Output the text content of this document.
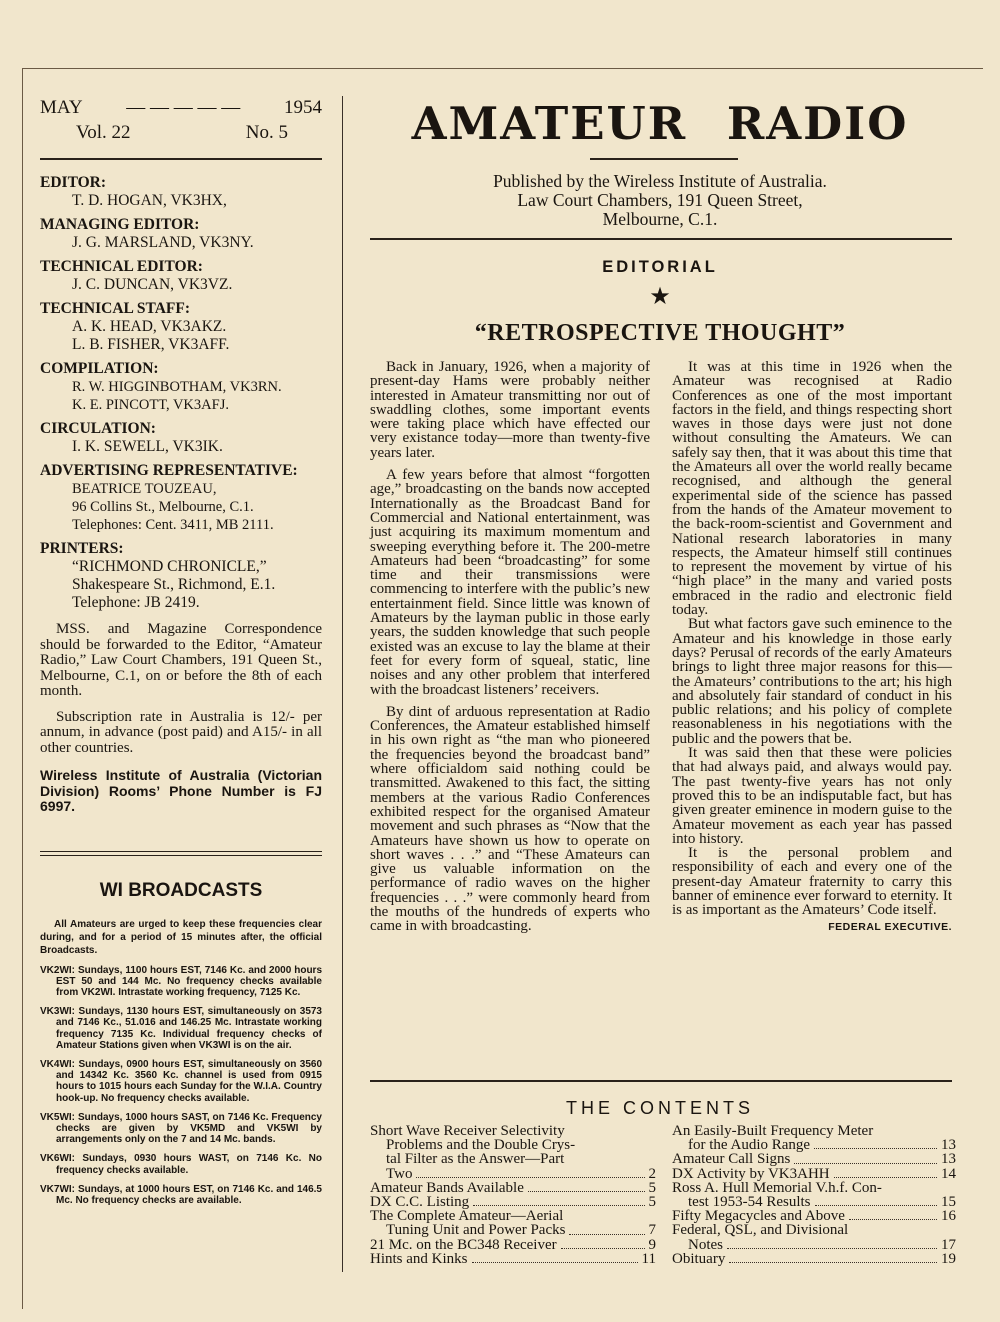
MAY — — — — — 1954
Vol. 22	No. 5
EDITOR:
T. D. HOGAN, VK3HX,
MANAGING EDITOR:
J. G. MARSLAND, VK3NY.
TECHNICAL EDITOR:
J. C. DUNCAN, VK3VZ.
TECHNICAL STAFF:
A. K. HEAD, VK3AKZ.
L. B. FISHER, VK3AFF.
COMPILATION:
R. W. HIGGINBOTHAM, VK3RN.
K. E. PINCOTT, VK3AFJ.
CIRCULATION:
I. K. SEWELL, VK3IK.
ADVERTISING REPRESENTATIVE:
BEATRICE TOUZEAU,
96 Collins St., Melbourne, C.1.
Telephones: Cent. 3411, MB 2111.
PRINTERS:
“RICHMOND CHRONICLE,”
Shakespeare St., Richmond, E.1.
Telephone: JB 2419.
MSS. and Magazine Correspondence should be forwarded to the Editor, “Amateur Radio,” Law Court Chambers, 191 Queen St., Melbourne, C.1, on or before the 8th of each month.
Subscription rate in Australia is 12/- per annum, in advance (post paid) and A15/- in all other countries.
Wireless Institute of Australia (Victorian Division) Rooms’ Phone Number is FJ 6997.
WI BROADCASTS
All Amateurs are urged to keep these frequencies clear during, and for a period of 15 minutes after, the official Broadcasts.
VK2WI: Sundays, 1100 hours EST, 7146 Kc. and 2000 hours EST 50 and 144 Mc. No frequency checks available from VK2WI. Intrastate working frequency, 7125 Kc.
VK3WI: Sundays, 1130 hours EST, simultaneously on 3573 and 7146 Kc., 51.016 and 146.25 Mc. Intrastate working frequency 7135 Kc. Individual frequency checks of Amateur Stations given when VK3WI is on the air.
VK4WI: Sundays, 0900 hours EST, simultaneously on 3560 and 14342 Kc. 3560 Kc. channel is used from 0915 hours to 1015 hours each Sunday for the W.I.A. Country hook-up. No frequency checks available.
VK5WI: Sundays, 1000 hours SAST, on 7146 Kc. Frequency checks are given by VK5MD and VK5WI by arrangements only on the 7 and 14 Mc. bands.
VK6WI: Sundays, 0930 hours WAST, on 7146 Kc. No frequency checks available.
VK7WI: Sundays, at 1000 hours EST, on 7146 Kc. and 146.5 Mc. No frequency checks are available.
AMATEUR RADIO
Published by the Wireless Institute of Australia.
Law Court Chambers, 191 Queen Street,
Melbourne, C.1.
EDITORIAL
★
“RETROSPECTIVE THOUGHT”

Back in January, 1926, when a majority of present-day Hams were probably neither interested in Amateur transmitting nor out of swaddling clothes, some important events were taking place which have effected our very existance today—more than twenty-five years later.

A few years before that almost “forgotten age,” broadcasting on the bands now accepted Internationally as the Broadcast Band for Commercial and National entertainment, was just acquiring its maximum momentum and sweeping everything before it. The 200-metre Amateurs had been “broadcasting” for some time and their transmissions were commencing to interfere with the public’s new entertainment field. Since little was known of Amateurs by the layman public in those early years, the sudden knowledge that such people existed was an excuse to lay the blame at their feet for every form of squeal, static, line noises and any other problem that interfered with the broadcast listeners’ receivers.

By dint of arduous representation at Radio Conferences, the Amateur established himself in his own right as “the man who pioneered the frequencies beyond the broadcast band” where officialdom said nothing could be transmitted. Awakened to this fact, the sitting members at the various Radio Conferences exhibited respect for the organised Amateur movement and such phrases as “Now that the Amateurs have shown us how to operate on short waves . . .” and “These Amateurs can give us valuable information on the performance of radio waves on the higher frequencies . . .” were commonly heard from the mouths of the hundreds of experts who came in with broadcasting.

It was at this time in 1926 when the Amateur was recognised at Radio Conferences as one of the most important factors in the field, and things respecting short waves in those days were just not done without consulting the Amateurs. We can safely say then, that it was about this time that the Amateurs all over the world really became recognised, and although the general experimental side of the science has passed from the hands of the Amateur movement to the back-room-scientist and Government and National research laboratories in many respects, the Amateur himself still continues to represent the movement by virtue of his “high place” in the many and varied posts embraced in the radio and electronic field today.

But what factors gave such eminence to the Amateur and his knowledge in those early days? Perusal of records of the early Amateurs brings to light three major reasons for this—the Amateurs’ contributions to the art; his high and absolutely fair standard of conduct in his public relations; and his policy of complete reasonableness in his negotiations with the public and the powers that be.

It was said then that these were policies that had always paid, and always would pay. The past twenty-five years has not only proved this to be an indisputable fact, but has given greater eminence in modern guise to the Amateur movement as each year has passed into history.

It is the personal problem and responsibility of each and every one of the present-day Amateur fraternity to carry this banner of eminence ever forward to eternity. It is as important as the Amateurs’ Code itself.

FEDERAL EXECUTIVE.
THE CONTENTS
Short Wave Receiver Selectivity
Problems and the Double Crys-
tal Filter as the Answer—Part
Two	2
Amateur Bands Available	5
DX C.C. Listing	5
The Complete Amateur—Aerial
Tuning Unit and Power Packs	7
21 Mc. on the BC348 Receiver	9
Hints and Kinks	11
An Easily-Built Frequency Meter
for the Audio Range	13
Amateur Call Signs	13
DX Activity by VK3AHH	14
Ross A. Hull Memorial V.h.f. Con-
test 1953-54 Results	15
Fifty Megacycles and Above	16
Federal, QSL, and Divisional
Notes	17
Obituary	19
